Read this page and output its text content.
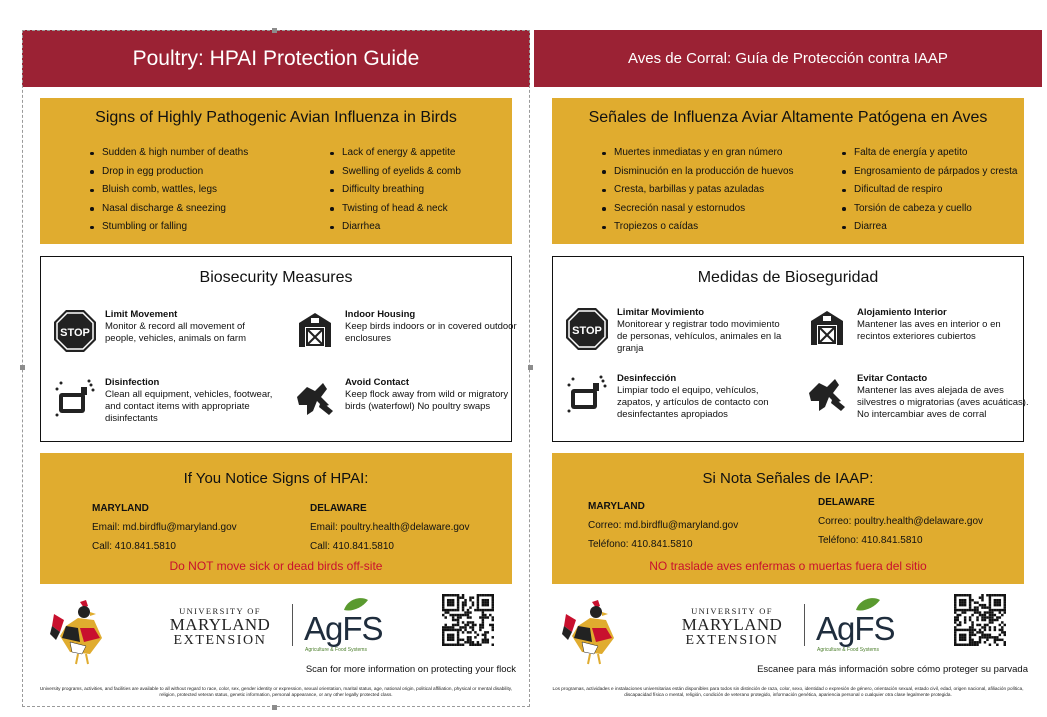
Poultry: HPAI Protection Guide
Signs of Highly Pathogenic Avian Influenza in Birds
Sudden & high number of deaths
Drop in egg production
Bluish comb, wattles, legs
Nasal discharge & sneezing
Stumbling or falling
Lack of energy & appetite
Swelling of eyelids & comb
Difficulty breathing
Twisting of head & neck
Diarrhea
Biosecurity Measures
STOP
Limit Movement
Monitor & record all movement of people, vehicles, animals on farm
Indoor Housing
Keep birds indoors or in covered outdoor enclosures
Disinfection
Clean all equipment, vehicles, footwear, and contact items with appropriate disinfectants
Avoid Contact
Keep flock away from wild or migratory birds (waterfowl) No poultry swaps
If You Notice Signs of HPAI:
MARYLAND
Email: md.birdflu@maryland.gov
Call: 410.841.5810
DELAWARE
Email: poultry.health@delaware.gov
Call: 410.841.5810
Do NOT move sick or dead birds off-site
UNIVERSITY OF
MARYLAND
EXTENSION	AgFS
Agriculture & Food Systems
Scan for more information on protecting your flock
University programs, activities, and facilities are available to all without regard to race, color, sex, gender identity or expression, sexual orientation, marital status, age, national origin, political affiliation, physical or mental disability, religion, protected veteran status, genetic information, personal appearance, or any other legally protected class.
Aves de Corral: Guía de Protección contra IAAP
Señales de Influenza Aviar Altamente Patógena en Aves
Muertes inmediatas y en gran número
Disminución en la producción de huevos
Cresta, barbillas y patas azuladas
Secreción nasal y estornudos
Tropiezos o caídas
Falta de energía y apetito
Engrosamiento de párpados y cresta
Dificultad de respiro
Torsión de cabeza y cuello
Diarrea
Medidas de Bioseguridad
STOP
Limitar Movimiento
Monitorear y registrar todo movimiento de personas, vehículos, animales en la granja
Alojamiento Interior
Mantener las aves en interior o en recintos exteriores cubiertos
Desinfección
Limpiar todo el equipo, vehículos, zapatos, y artículos de contacto con desinfectantes apropiados
Evitar Contacto
Mantener las aves alejada de aves silvestres o migratorias (aves acuáticas). No intercambiar aves de corral
Si Nota Señales de IAAP:
MARYLAND
Correo: md.birdflu@maryland.gov
Teléfono: 410.841.5810
DELAWARE
Correo: poultry.health@delaware.gov
Teléfono: 410.841.5810
NO traslade aves enfermas o muertas fuera del sitio
UNIVERSITY OF
MARYLAND
EXTENSION	AgFS
Agriculture & Food Systems
Escanee para más información sobre cómo proteger su parvada
Los programas, actividades e instalaciones universitarias están disponibles para todos sin distinción de raza, color, sexo, identidad o expresión de género, orientación sexual, estado civil, edad, origen nacional, afiliación política, discapacidad física o mental, religión, condición de veterano protegido, información genética, apariencia personal o cualquier otra clase legalmente protegida.
